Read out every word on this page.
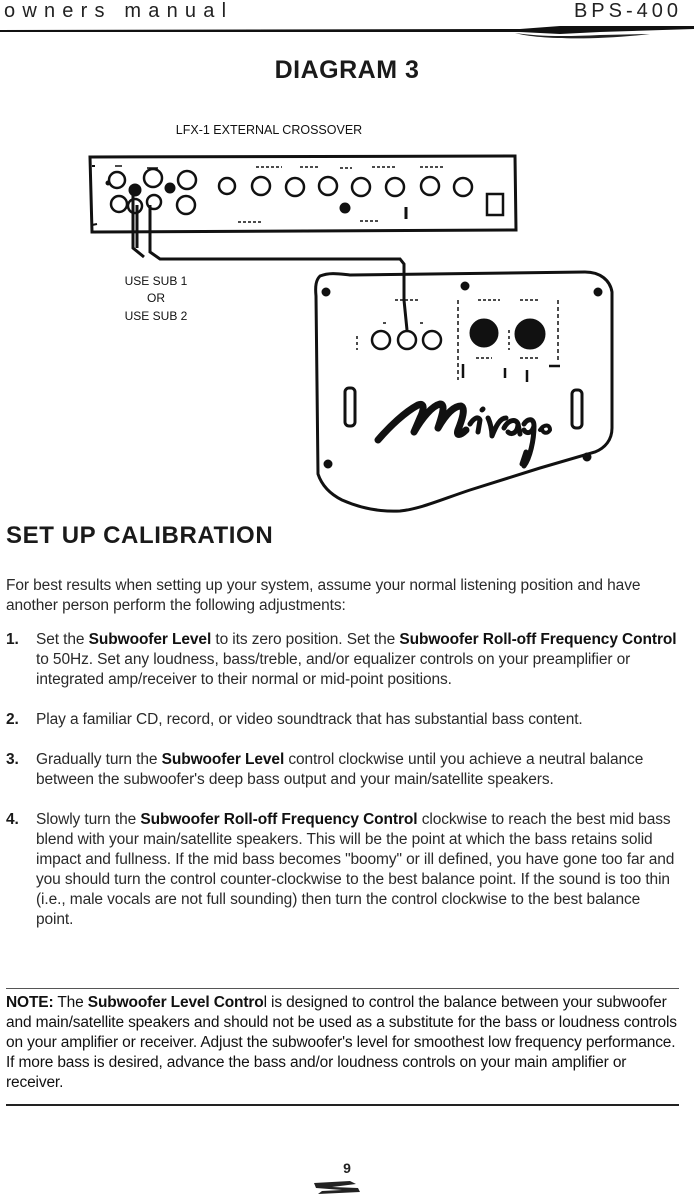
owners manual	BPS-400
DIAGRAM 3
LFX-1 EXTERNAL CROSSOVER
USE SUB 1
OR
USE SUB 2
SET UP CALIBRATION
For best results when setting up your system, assume your normal listening position and have another person perform the following adjustments:
1. Set the Subwoofer Level to its zero position. Set the Subwoofer Roll-off Frequency Control to 50Hz. Set any loudness, bass/treble, and/or equalizer controls on your preamplifier or integrated amp/receiver to their normal or mid-point positions.
2. Play a familiar CD, record, or video soundtrack that has substantial bass content.
3. Gradually turn the Subwoofer Level control clockwise until you achieve a neutral balance between the subwoofer's deep bass output and your main/satellite speakers.
4. Slowly turn the Subwoofer Roll-off Frequency Control clockwise to reach the best mid bass blend with your main/satellite speakers. This will be the point at which the bass retains solid impact and fullness. If the mid bass becomes "boomy" or ill defined, you have gone too far and you should turn the control counter-clockwise to the best balance point. If the sound is too thin (i.e., male vocals are not full sounding) then turn the control clockwise to the best balance point.
NOTE: The Subwoofer Level Control is designed to control the balance between your subwoofer and main/satellite speakers and should not be used as a substitute for the bass or loudness controls on your amplifier or receiver. Adjust the subwoofer's level for smoothest low frequency performance. If more bass is desired, advance the bass and/or loudness controls on your main amplifier or receiver.
9
